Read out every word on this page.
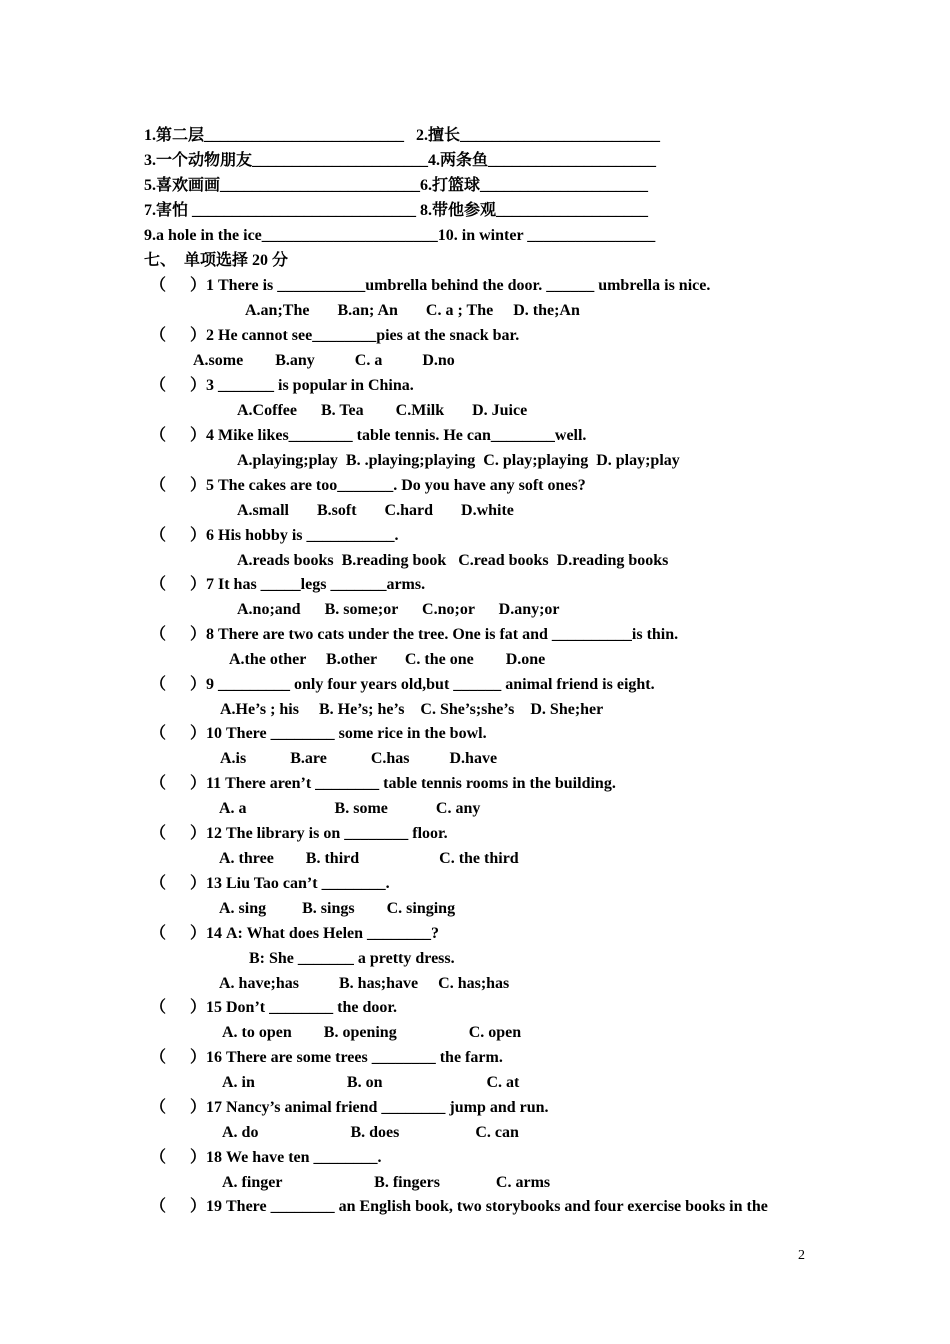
1.第二层_________________________   2.擅长_________________________
3.一个动物朋友______________________4.两条鱼_____________________
5.喜欢画画_________________________6.打篮球_____________________
7.害怕 ____________________________ 8.带他参观___________________
9.a hole in the ice______________________10. in winter ________________
七、  单项选择 20 分
（      ）1 There is ___________umbrella behind the door. ______ umbrella is nice.
A.an;The       B.an; An       C. a ; The     D. the;An
（      ）2 He cannot see________pies at the snack bar.
A.some        B.any          C. a          D.no
（      ）3 _______ is popular in China.
A.Coffee      B. Tea        C.Milk       D. Juice
（      ）4 Mike likes________ table tennis. He can________well.
A.playing;play  B. .playing;playing  C. play;playing  D. play;play
（      ）5 The cakes are too_______. Do you have any soft ones?
A.small       B.soft       C.hard       D.white
（      ）6 His hobby is ___________.
A.reads books  B.reading book   C.read books  D.reading books
（      ）7 It has _____legs _______arms.
A.no;and      B. some;or      C.no;or      D.any;or
（      ）8 There are two cats under the tree. One is fat and __________is thin.
A.the other     B.other       C. the one        D.one
（      ）9 _________ only four years old,but ______ animal friend is eight.
A.He’s ; his     B. He’s; he’s    C. She’s;she’s    D. She;her
（      ）10 There ________ some rice in the bowl.
A.is           B.are           C.has          D.have
（      ）11 There aren’t ________ table tennis rooms in the building.
A. a                      B. some            C. any
（      ）12 The library is on ________ floor.
A. three        B. third                    C. the third
（      ）13 Liu Tao can’t ________.
A. sing         B. sings        C. singing
（      ）14 A: What does Helen ________?
B: She _______ a pretty dress.
A. have;has          B. has;have     C. has;has
（      ）15 Don’t ________ the door.
A. to open        B. opening                  C. open
（      ）16 There are some trees ________ the farm.
A. in                       B. on                          C. at
（      ）17 Nancy’s animal friend ________ jump and run.
A. do                       B. does                   C. can
（      ）18 We have ten ________.
A. finger                       B. fingers              C. arms
（      ）19 There ________ an English book, two storybooks and four exercise books in the
2
